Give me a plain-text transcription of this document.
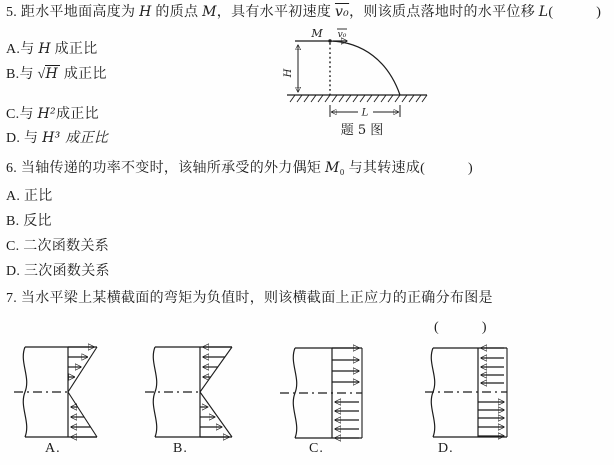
5. 距水平地面高度为 H 的质点 M，具有水平初速度 v₀，则该质点落地时的水平位移 L(　　　)
A.与 H 成正比
B.与 √H 成正比
C.与 H²成正比
D. 与 H³ 成正比
M v₀
H
L
题 5 图
6. 当轴传递的功率不变时，该轴所承受的外力偶矩 M₀ 与其转速成(　　　)
A. 正比
B. 反比
C. 二次函数关系
D. 三次函数关系
7. 当水平梁上某横截面的弯矩为负值时，则该横截面上正应力的正确分布图是
(　　　)
A.	B.	C.	D.
